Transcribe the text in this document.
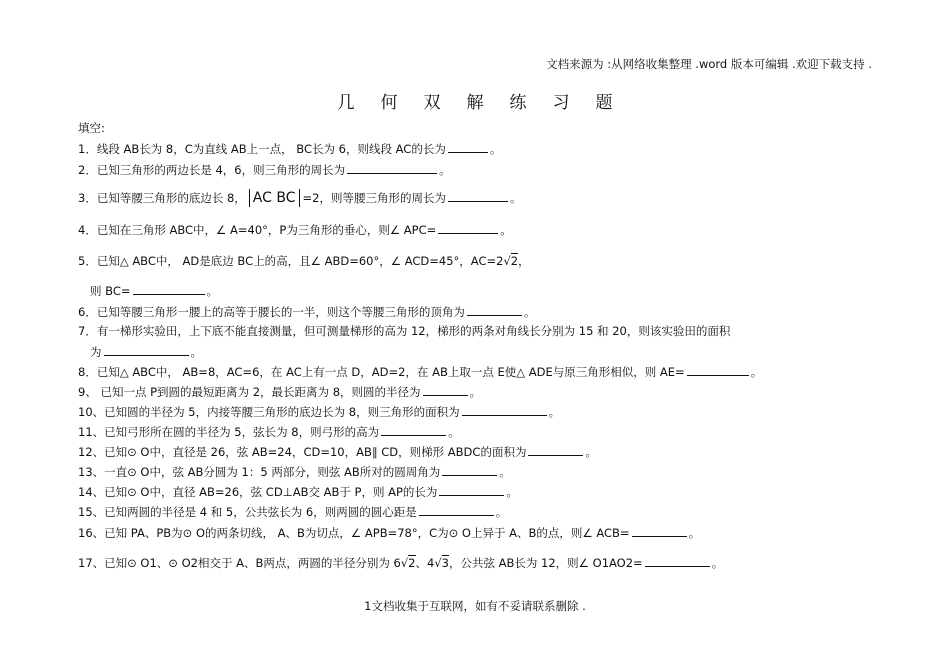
文档来源为 :从网络收集整理 .word 版本可编辑 .欢迎下载支持 .
几何双解练习题
填空:
1．线段 AB长为 8，C为直线 AB上一点， BC长为 6，则线段 AC的长为	。
2．已知三角形的两边长是 4，6，则三角形的周长为	。
3．已知等腰三角形的底边长 8， AC BC =2，则等腰三角形的周长为	。
4．已知在三角形 ABC中，∠ A=40°，P为三角形的垂心，则∠ APC=	。
5．已知△ ABC中， AD是底边 BC上的高，且∠ ABD=60°，∠ ACD=45°，AC=2√2，
则 BC=	。
6．已知等腰三角形一腰上的高等于腰长的一半，则这个等腰三角形的顶角为	。
7．有一梯形实验田，上下底不能直接测量，但可测量梯形的高为 12，梯形的两条对角线长分别为 15 和 20，则该实验田的面积
为	。
8．已知△ ABC中， AB=8，AC=6，在 AC上有一点 D，AD=2，在 AB上取一点 E使△ ADE与原三角形相似，则 AE=	。
9、 已知一点 P到圆的最短距离为 2，最长距离为 8，则圆的半径为	。
10、已知圆的半径为 5，内接等腰三角形的底边长为 8，则三角形的面积为	。
11、已知弓形所在圆的半径为 5，弦长为 8，则弓形的高为	。
12、已知⊙ O中，直径是 26，弦 AB=24，CD=10，AB∥ CD，则梯形 ABDC的面积为	。
13、一直⊙ O中，弦 AB分圆为 1：5 两部分，则弦 AB所对的圆周角为	。
14、已知⊙ O中，直径 AB=26，弦 CD⊥AB交 AB于 P，则 AP的长为	。
15、已知两圆的半径是 4 和 5，公共弦长为 6，则两圆的圆心距是	。
16、已知 PA、PB为⊙ O的两条切线， A、B为切点，∠ APB=78°，C为⊙ O上异于 A、B的点，则∠ ACB=	。
17、已知⊙ O1、⊙ O2相交于 A、B两点，两圆的半径分别为 6√2、4√3，公共弦 AB长为 12，则∠ O1AO2=	。
1文档收集于互联网，如有不妥请联系删除 .
